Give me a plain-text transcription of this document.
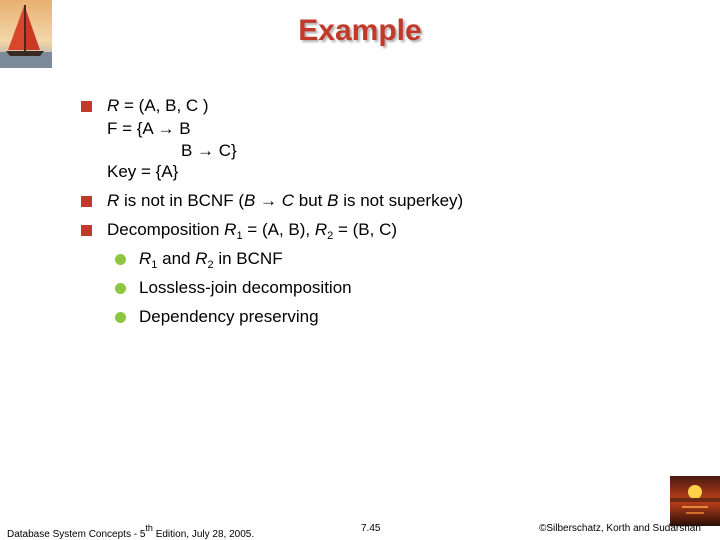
Example
R = (A, B, C )
F = {A → B
B → C}
Key = {A}
R is not in BCNF (B → C but B is not superkey)
Decomposition $R_1 = (A$, B), $R_2 = (B$, C)
$R_1$ and $R_2$ in BCNF
Lossless-join decomposition
Dependency preserving
Database System Concepts - 5th Edition, July 28, 2005.
7.45	©Silberschatz, Korth and Sudarshan
